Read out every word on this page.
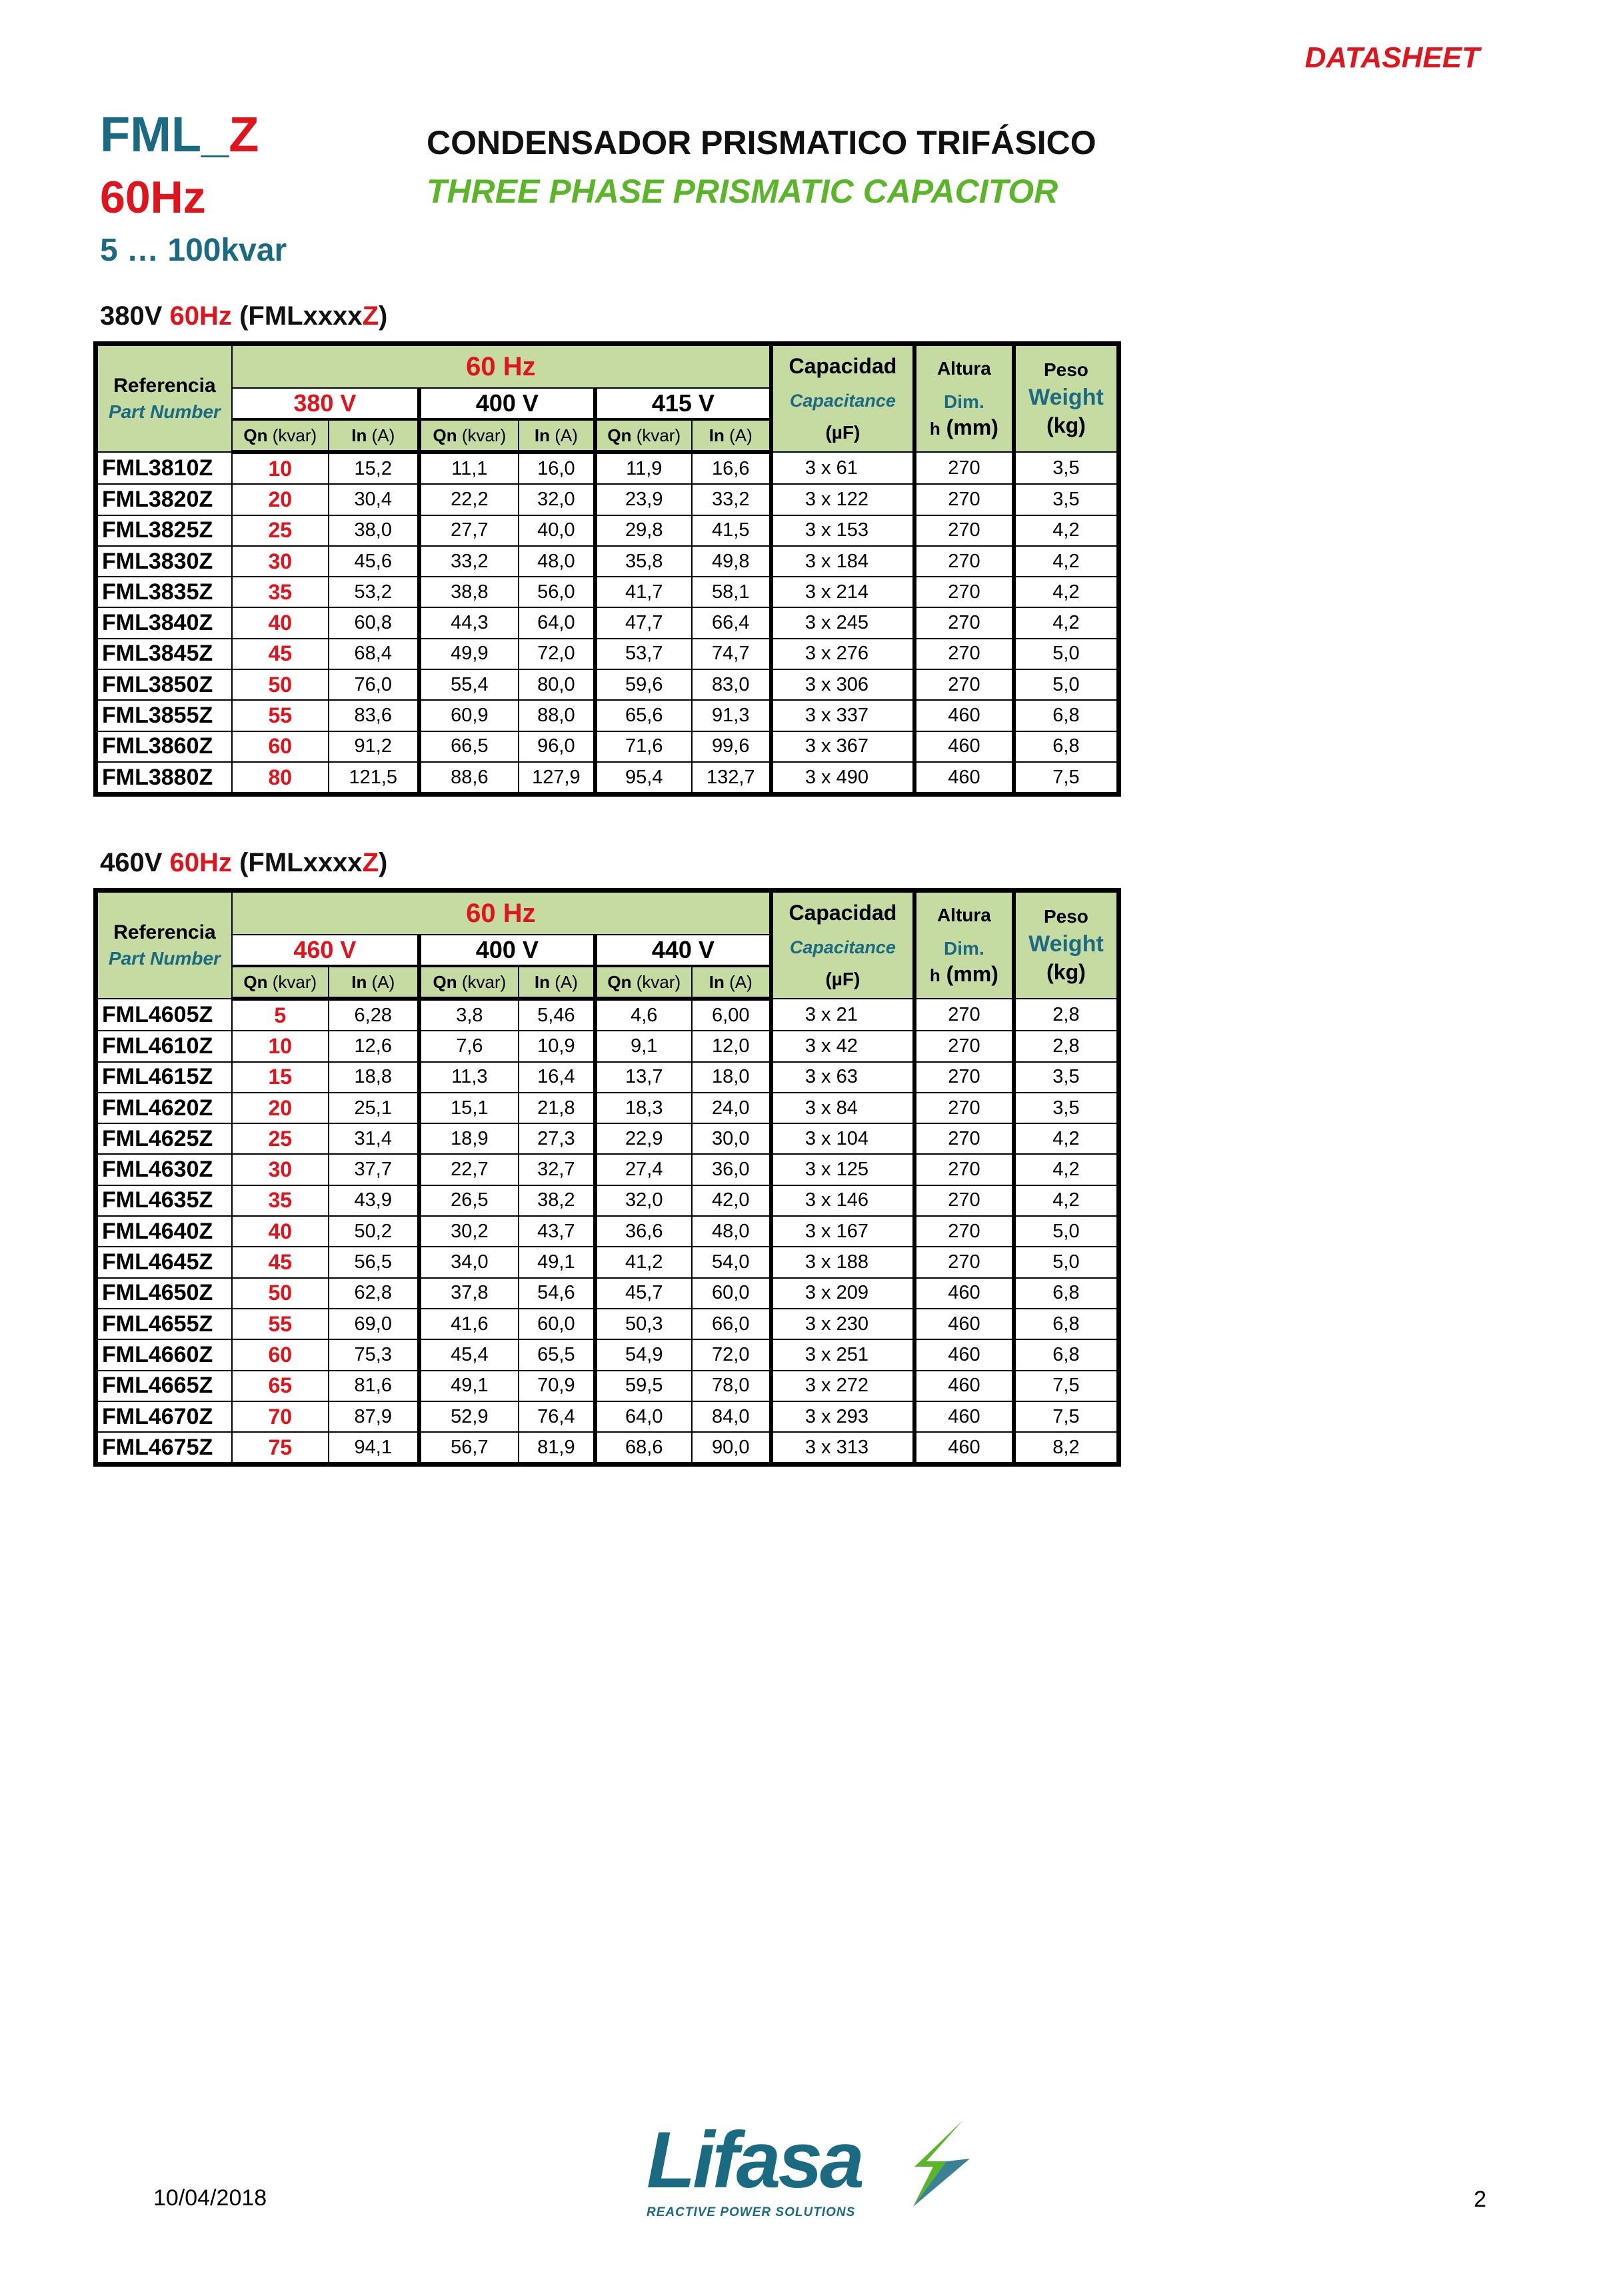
DATASHEET
FML_Z
60Hz
5 … 100kvar
CONDENSADOR PRISMATICO TRIFÁSICO
THREE PHASE PRISMATIC CAPACITOR
380V 60Hz (FMLxxxxZ)
Referencia
Part Number	60 Hz						Capacidad
Capacitance
(µF)	Altura
Dim.
h (mm)	Peso
Weight
(kg)

	380 V		400 V		415 V				
	Qn (kvar)	In (A)	Qn (kvar)	In (A)	Qn (kvar)	In (A)			
FML3810Z	10	15,2	11,1	16,0	11,9	16,6	3 x 61	270	3,5
FML3820Z	20	30,4	22,2	32,0	23,9	33,2	3 x 122	270	3,5
FML3825Z	25	38,0	27,7	40,0	29,8	41,5	3 x 153	270	4,2
FML3830Z	30	45,6	33,2	48,0	35,8	49,8	3 x 184	270	4,2
FML3835Z	35	53,2	38,8	56,0	41,7	58,1	3 x 214	270	4,2
FML3840Z	40	60,8	44,3	64,0	47,7	66,4	3 x 245	270	4,2
FML3845Z	45	68,4	49,9	72,0	53,7	74,7	3 x 276	270	5,0
FML3850Z	50	76,0	55,4	80,0	59,6	83,0	3 x 306	270	5,0
FML3855Z	55	83,6	60,9	88,0	65,6	91,3	3 x 337	460	6,8
FML3860Z	60	91,2	66,5	96,0	71,6	99,6	3 x 367	460	6,8
FML3880Z	80	121,5	88,6	127,9	95,4	132,7	3 x 490	460	7,5
460V 60Hz (FMLxxxxZ)
Referencia
Part Number	60 Hz						Capacidad
Capacitance
(µF)	Altura
Dim.
h (mm)	Peso
Weight
(kg)

	460 V		400 V		440 V				
	Qn (kvar)	In (A)	Qn (kvar)	In (A)	Qn (kvar)	In (A)			
FML4605Z	5	6,28	3,8	5,46	4,6	6,00	3 x 21	270	2,8
FML4610Z	10	12,6	7,6	10,9	9,1	12,0	3 x 42	270	2,8
FML4615Z	15	18,8	11,3	16,4	13,7	18,0	3 x 63	270	3,5
FML4620Z	20	25,1	15,1	21,8	18,3	24,0	3 x 84	270	3,5
FML4625Z	25	31,4	18,9	27,3	22,9	30,0	3 x 104	270	4,2
FML4630Z	30	37,7	22,7	32,7	27,4	36,0	3 x 125	270	4,2
FML4635Z	35	43,9	26,5	38,2	32,0	42,0	3 x 146	270	4,2
FML4640Z	40	50,2	30,2	43,7	36,6	48,0	3 x 167	270	5,0
FML4645Z	45	56,5	34,0	49,1	41,2	54,0	3 x 188	270	5,0
FML4650Z	50	62,8	37,8	54,6	45,7	60,0	3 x 209	460	6,8
FML4655Z	55	69,0	41,6	60,0	50,3	66,0	3 x 230	460	6,8
FML4660Z	60	75,3	45,4	65,5	54,9	72,0	3 x 251	460	6,8
FML4665Z	65	81,6	49,1	70,9	59,5	78,0	3 x 272	460	7,5
FML4670Z	70	87,9	52,9	76,4	64,0	84,0	3 x 293	460	7,5
FML4675Z	75	94,1	56,7	81,9	68,6	90,0	3 x 313	460	8,2
10/04/2018	Lifasa
REACTIVE POWER SOLUTIONS
2
